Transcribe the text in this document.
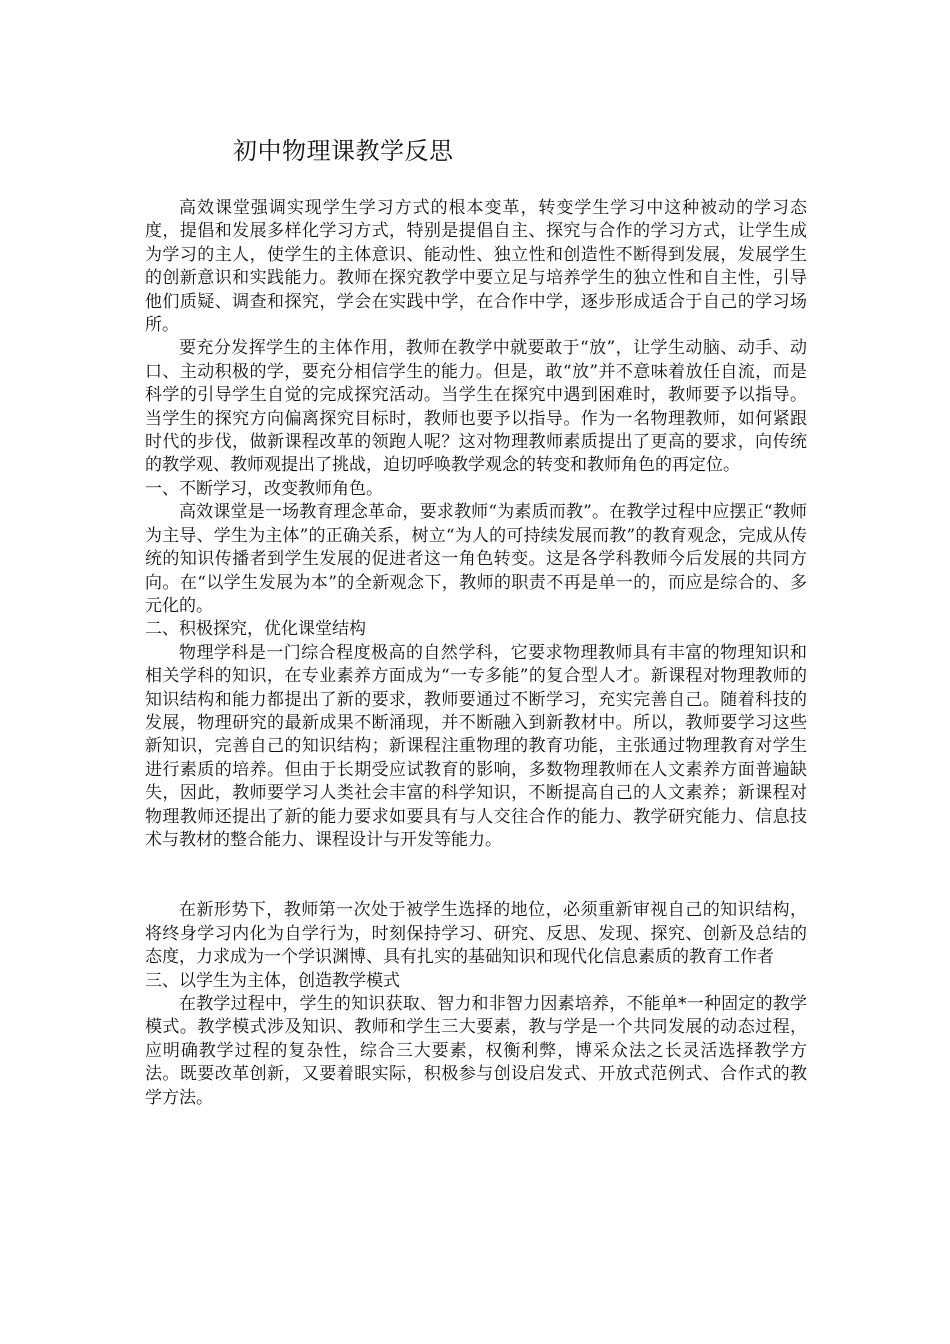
初中物理课教学反思

高效课堂强调实现学生学习方式的根本变革，转变学生学习中这种被动的学习态度，提倡和发展多样化学习方式，特别是提倡自主、探究与合作的学习方式，让学生成为学习的主人，使学生的主体意识、能动性、独立性和创造性不断得到发展，发展学生的创新意识和实践能力。教师在探究教学中要立足与培养学生的独立性和自主性，引导他们质疑、调查和探究，学会在实践中学，在合作中学，逐步形成适合于自己的学习场所。

要充分发挥学生的主体作用，教师在教学中就要敢于“放”，让学生动脑、动手、动口、主动积极的学，要充分相信学生的能力。但是，敢“放”并不意味着放任自流，而是科学的引导学生自觉的完成探究活动。当学生在探究中遇到困难时，教师要予以指导。当学生的探究方向偏离探究目标时，教师也要予以指导。作为一名物理教师，如何紧跟时代的步伐，做新课程改革的领跑人呢？这对物理教师素质提出了更高的要求，向传统的教学观、教师观提出了挑战，迫切呼唤教学观念的转变和教师角色的再定位。

一、不断学习，改变教师角色。

高效课堂是一场教育理念革命，要求教师“为素质而教”。在教学过程中应摆正“教师为主导、学生为主体”的正确关系，树立“为人的可持续发展而教”的教育观念，完成从传统的知识传播者到学生发展的促进者这一角色转变。这是各学科教师今后发展的共同方向。在“以学生发展为本”的全新观念下，教师的职责不再是单一的，而应是综合的、多元化的。

二、积极探究，优化课堂结构

物理学科是一门综合程度极高的自然学科，它要求物理教师具有丰富的物理知识和相关学科的知识，在专业素养方面成为“一专多能”的复合型人才。新课程对物理教师的知识结构和能力都提出了新的要求，教师要通过不断学习，充实完善自己。随着科技的发展，物理研究的最新成果不断涌现，并不断融入到新教材中。所以，教师要学习这些新知识，完善自己的知识结构；新课程注重物理的教育功能，主张通过物理教育对学生进行素质的培养。但由于长期受应试教育的影响，多数物理教师在人文素养方面普遍缺失，因此，教师要学习人类社会丰富的科学知识，不断提高自己的人文素养；新课程对物理教师还提出了新的能力要求如要具有与人交往合作的能力、教学研究能力、信息技术与教材的整合能力、课程设计与开发等能力。

在新形势下，教师第一次处于被学生选择的地位，必须重新审视自己的知识结构，将终身学习内化为自学行为，时刻保持学习、研究、反思、发现、探究、创新及总结的态度，力求成为一个学识渊博、具有扎实的基础知识和现代化信息素质的教育工作者

三、以学生为主体，创造教学模式

在教学过程中，学生的知识获取、智力和非智力因素培养，不能单*一种固定的教学模式。教学模式涉及知识、教师和学生三大要素，教与学是一个共同发展的动态过程，应明确教学过程的复杂性，综合三大要素，权衡利弊，博采众法之长灵活选择教学方法。既要改革创新，又要着眼实际，积极参与创设启发式、开放式范例式、合作式的教学方法。
